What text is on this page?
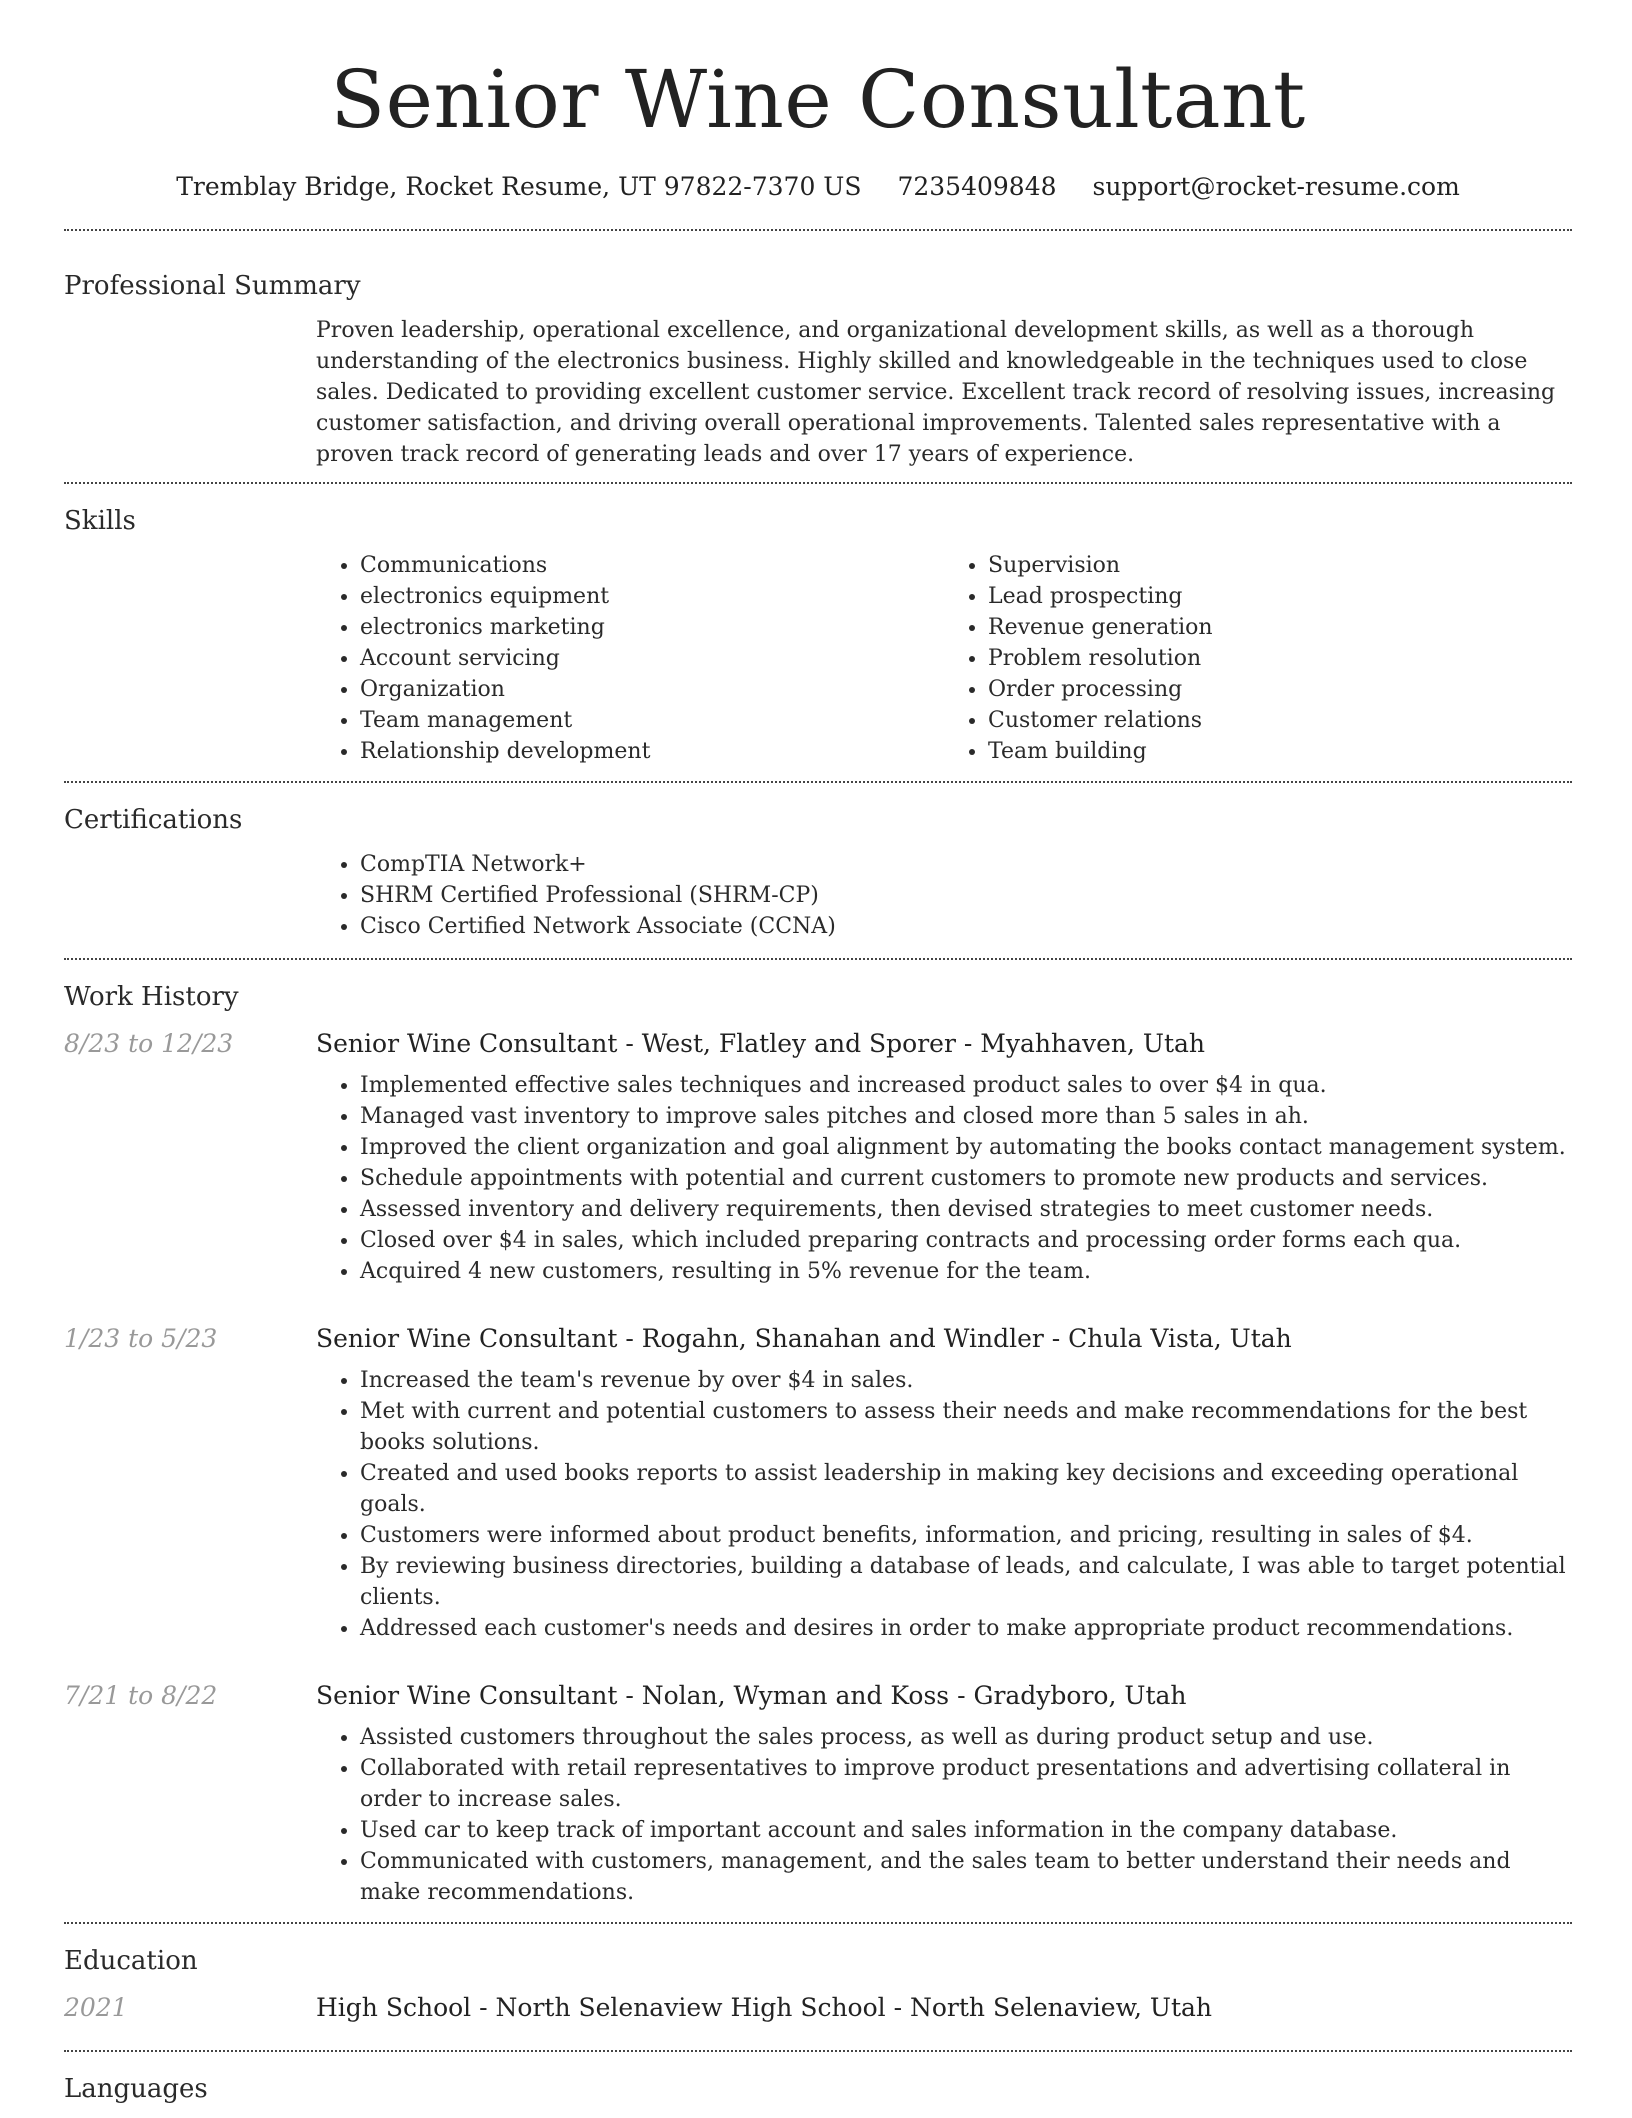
Senior Wine Consultant
Tremblay Bridge, Rocket Resume, UT 97822-7370 US 7235409848 support@rocket-resume.com
Professional Summary

Proven leadership, operational excellence, and organizational development skills, as well as a thorough understanding of the electronics business. Highly skilled and knowledgeable in the techniques used to close sales. Dedicated to providing excellent customer service. Excellent track record of resolving issues, increasing customer satisfaction, and driving overall operational improvements. Talented sales representative with a proven track record of generating leads and over 17 years of experience.

Skills
• Communications
• electronics equipment
• electronics marketing
• Account servicing
• Organization
• Team management
• Relationship development
• Supervision
• Lead prospecting
• Revenue generation
• Problem resolution
• Order processing
• Customer relations
• Team building
Certifications
• CompTIA Network+
• SHRM Certified Professional (SHRM-CP)
• Cisco Certified Network Associate (CCNA)
Work History
8/23 to 12/23	Senior Wine Consultant - West, Flatley and Sporer - Myahhaven, Utah
• Implemented effective sales techniques and increased product sales to over $4 in qua.
• Managed vast inventory to improve sales pitches and closed more than 5 sales in ah.
• Improved the client organization and goal alignment by automating the books contact management system.
• Schedule appointments with potential and current customers to promote new products and services.
• Assessed inventory and delivery requirements, then devised strategies to meet customer needs.
• Closed over $4 in sales, which included preparing contracts and processing order forms each qua.
• Acquired 4 new customers, resulting in 5% revenue for the team.
1/23 to 5/23	Senior Wine Consultant - Rogahn, Shanahan and Windler - Chula Vista, Utah
• Increased the team's revenue by over $4 in sales.
• Met with current and potential customers to assess their needs and make recommendations for the best books solutions.
• Created and used books reports to assist leadership in making key decisions and exceeding operational goals.
• Customers were informed about product benefits, information, and pricing, resulting in sales of $4.
• By reviewing business directories, building a database of leads, and calculate, I was able to target potential clients.
• Addressed each customer's needs and desires in order to make appropriate product recommendations.
7/21 to 8/22	Senior Wine Consultant - Nolan, Wyman and Koss - Gradyboro, Utah
• Assisted customers throughout the sales process, as well as during product setup and use.
• Collaborated with retail representatives to improve product presentations and advertising collateral in order to increase sales.
• Used car to keep track of important account and sales information in the company database.
• Communicated with customers, management, and the sales team to better understand their needs and make recommendations.
Education
2021	High School - North Selenaview High School - North Selenaview, Utah
Languages
